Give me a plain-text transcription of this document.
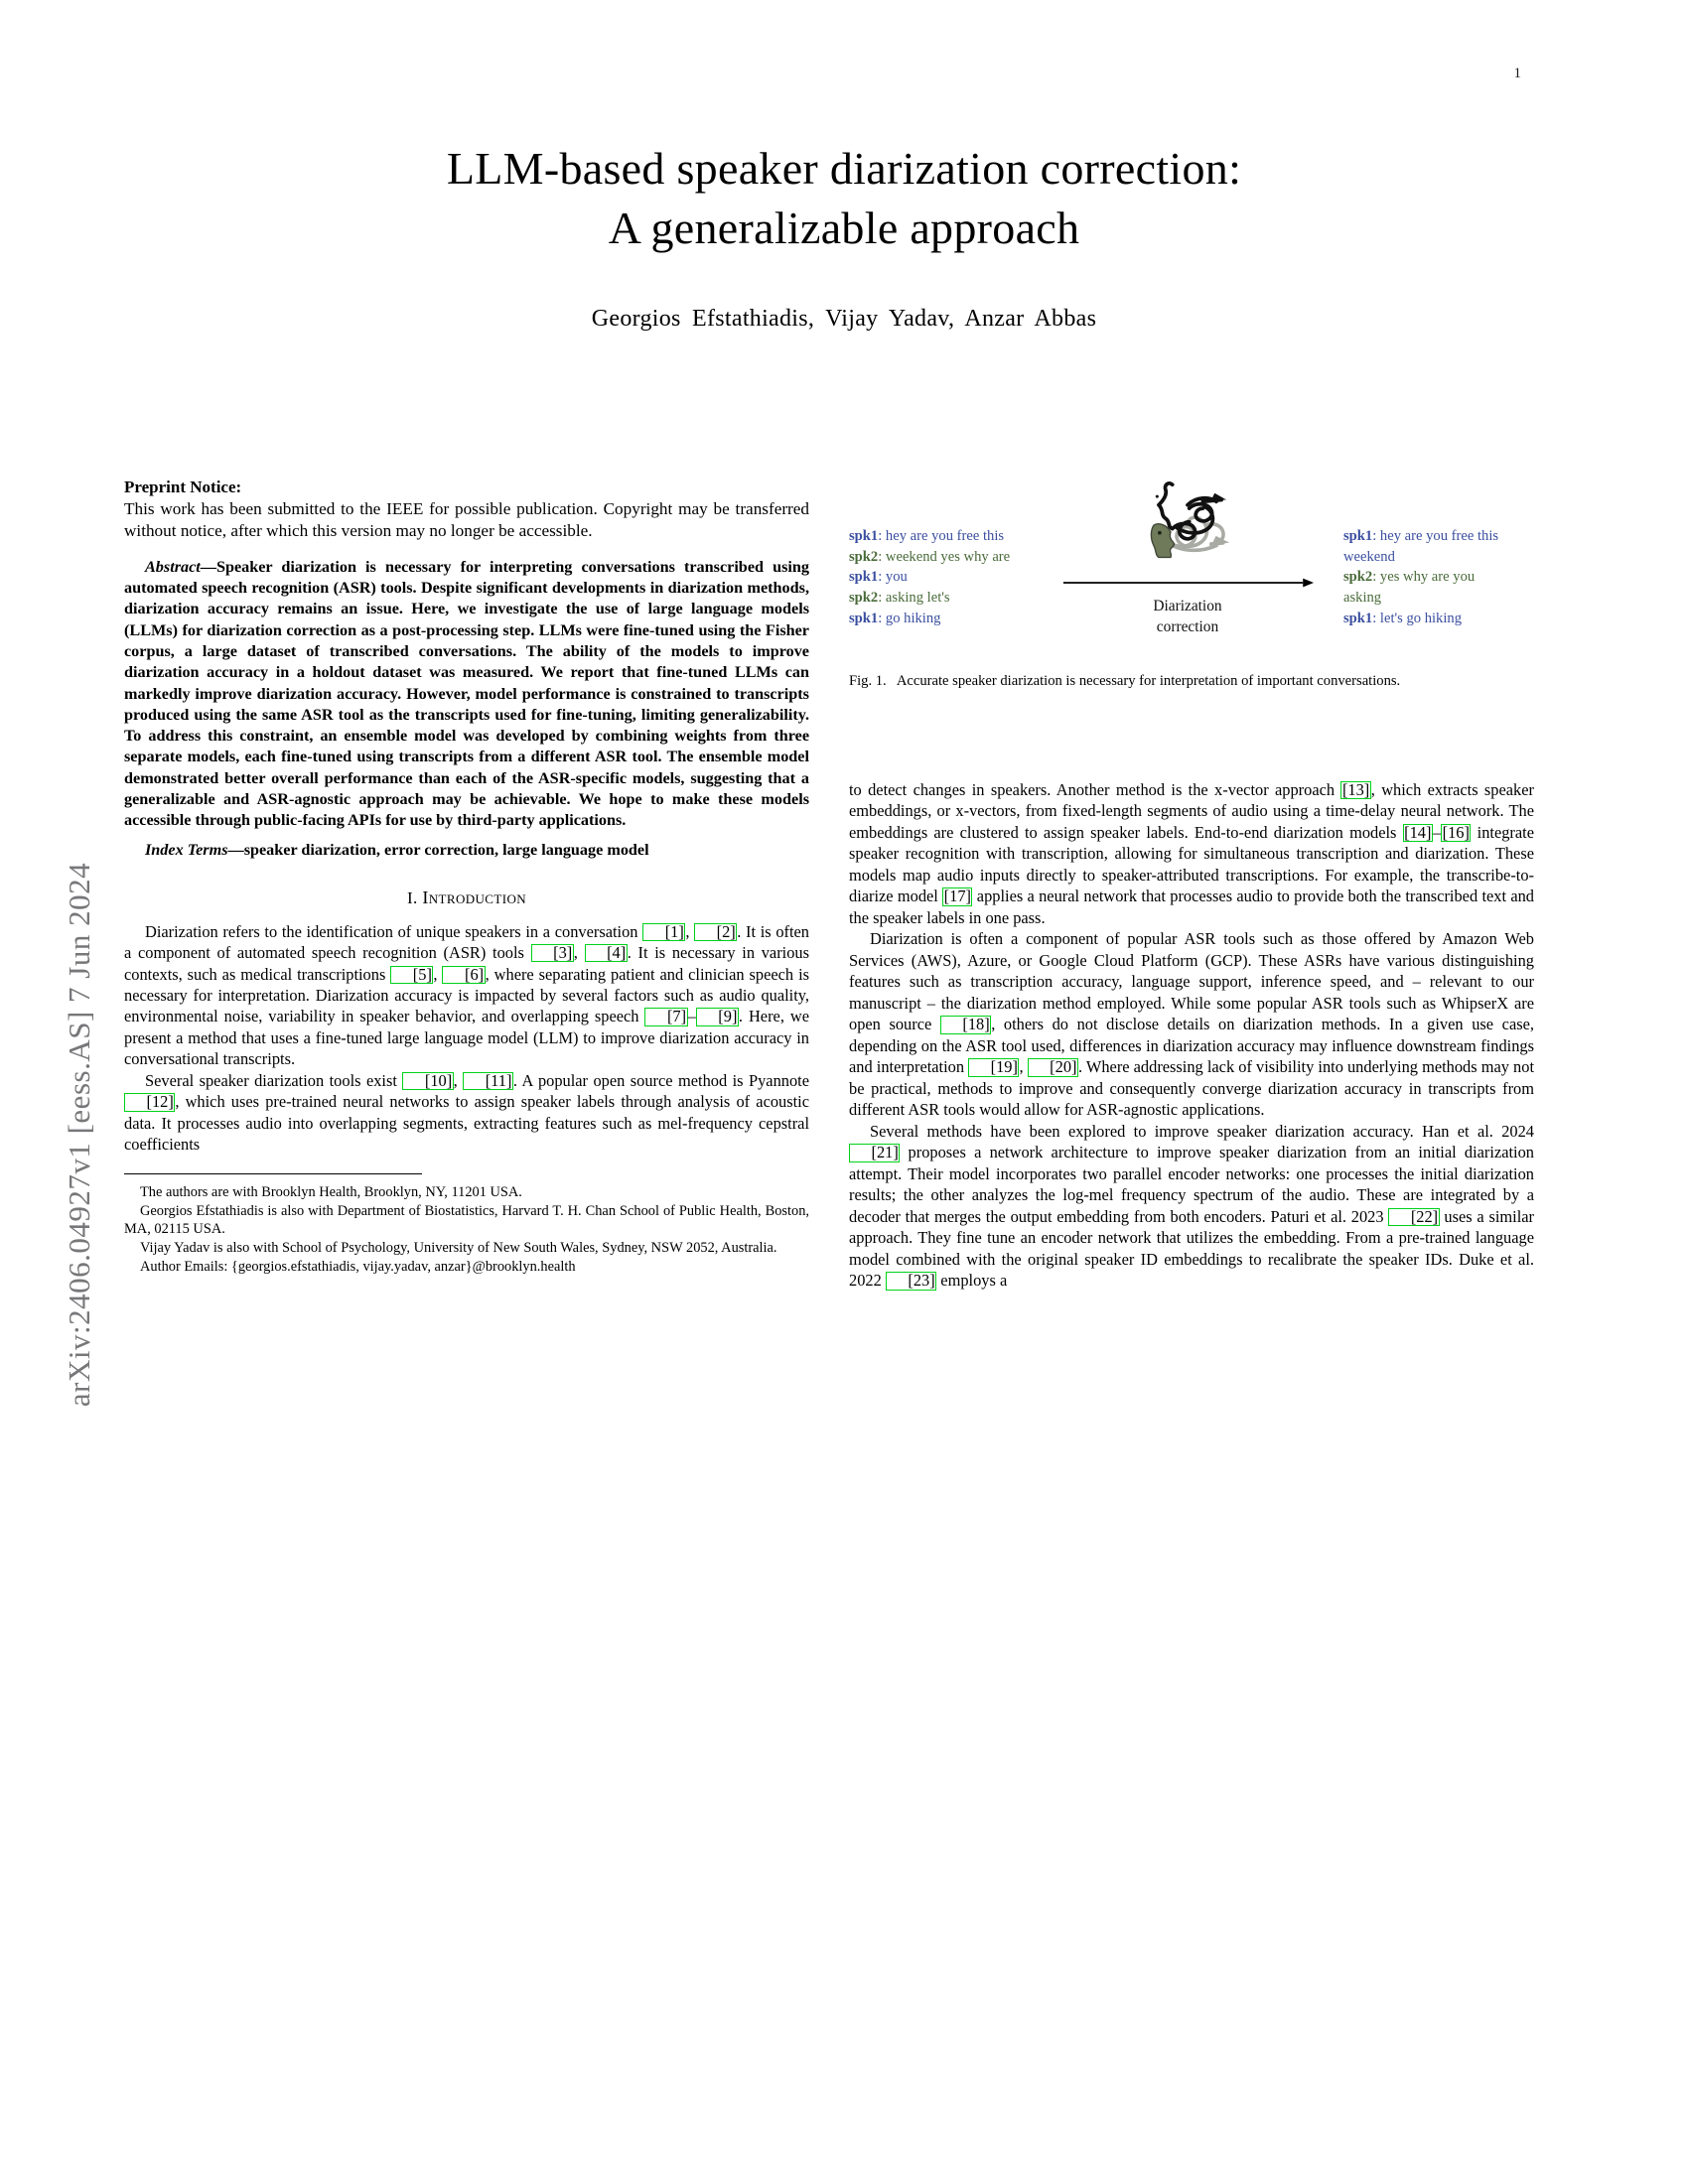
1
arXiv:2406.04927v1 [eess.AS] 7 Jun 2024
LLM-based speaker diarization correction:
A generalizable approach
Georgios Efstathiadis, Vijay Yadav, Anzar Abbas
Preprint Notice:
This work has been submitted to the IEEE for possible publication. Copyright may be transferred without notice, after which this version may no longer be accessible.
Abstract—Speaker diarization is necessary for interpreting conversations transcribed using automated speech recognition (ASR) tools. Despite significant developments in diarization methods, diarization accuracy remains an issue. Here, we investigate the use of large language models (LLMs) for diarization correction as a post-processing step. LLMs were fine-tuned using the Fisher corpus, a large dataset of transcribed conversations. The ability of the models to improve diarization accuracy in a holdout dataset was measured. We report that fine-tuned LLMs can markedly improve diarization accuracy. However, model performance is constrained to transcripts produced using the same ASR tool as the transcripts used for fine-tuning, limiting generalizability. To address this constraint, an ensemble model was developed by combining weights from three separate models, each fine-tuned using transcripts from a different ASR tool. The ensemble model demonstrated better overall performance than each of the ASR-specific models, suggesting that a generalizable and ASR-agnostic approach may be achievable. We hope to make these models accessible through public-facing APIs for use by third-party applications.
Index Terms—speaker diarization, error correction, large language model
I. Introduction

Diarization refers to the identification of unique speakers in a conversation [1], [2]. It is often a component of automated speech recognition (ASR) tools [3], [4]. It is necessary in various contexts, such as medical transcriptions [5], [6], where separating patient and clinician speech is necessary for interpretation. Diarization accuracy is impacted by several factors such as audio quality, environmental noise, variability in speaker behavior, and overlapping speech [7]– [9]. Here, we present a method that uses a fine-tuned large language model (LLM) to improve diarization accuracy in conversational transcripts.

Several speaker diarization tools exist [10], [11]. A popular open source method is Pyannote [12], which uses pre-trained neural networks to assign speaker labels through analysis of acoustic data. It processes audio into overlapping segments, extracting features such as mel-frequency cepstral coefficients

The authors are with Brooklyn Health, Brooklyn, NY, 11201 USA.

Georgios Efstathiadis is also with Department of Biostatistics, Harvard T. H. Chan School of Public Health, Boston, MA, 02115 USA.

Vijay Yadav is also with School of Psychology, University of New South Wales, Sydney, NSW 2052, Australia.

Author Emails: {georgios.efstathiadis, vijay.yadav, anzar}@brooklyn.health

spk1: hey are you free this
spk2: weekend yes why are
spk1: you
spk2: asking let's
spk1: go hiking
Diarization
correction
spk1: hey are you free this
weekend
spk2: yes why are you
asking
spk1: let's go hiking
Fig. 1. Accurate speaker diarization is necessary for interpretation of important conversations.

to detect changes in speakers. Another method is the x-vector approach [13], which extracts speaker embeddings, or x-vectors, from fixed-length segments of audio using a time-delay neural network. The embeddings are clustered to assign speaker labels. End-to-end diarization models [14]–[16] integrate speaker recognition with transcription, allowing for simultaneous transcription and diarization. These models map audio inputs directly to speaker-attributed transcriptions. For example, the transcribe-to-diarize model [17] applies a neural network that processes audio to provide both the transcribed text and the speaker labels in one pass.

Diarization is often a component of popular ASR tools such as those offered by Amazon Web Services (AWS), Azure, or Google Cloud Platform (GCP). These ASRs have various distinguishing features such as transcription accuracy, language support, inference speed, and – relevant to our manuscript – the diarization method employed. While some popular ASR tools such as WhipserX are open source [18], others do not disclose details on diarization methods. In a given use case, depending on the ASR tool used, differences in diarization accuracy may influence downstream findings and interpretation [19], [20]. Where addressing lack of visibility into underlying methods may not be practical, methods to improve and consequently converge diarization accuracy in transcripts from different ASR tools would allow for ASR-agnostic applications.

Several methods have been explored to improve speaker diarization accuracy. Han et al. 2024 [21] proposes a network architecture to improve speaker diarization from an initial diarization attempt. Their model incorporates two parallel encoder networks: one processes the initial diarization results; the other analyzes the log-mel frequency spectrum of the audio. These are integrated by a decoder that merges the output embedding from both encoders. Paturi et al. 2023 [22] uses a similar approach. They fine tune an encoder network that utilizes the embedding. From a pre-trained language model combined with the original speaker ID embeddings to recalibrate the speaker IDs. Duke et al. 2022 [23] employs a
